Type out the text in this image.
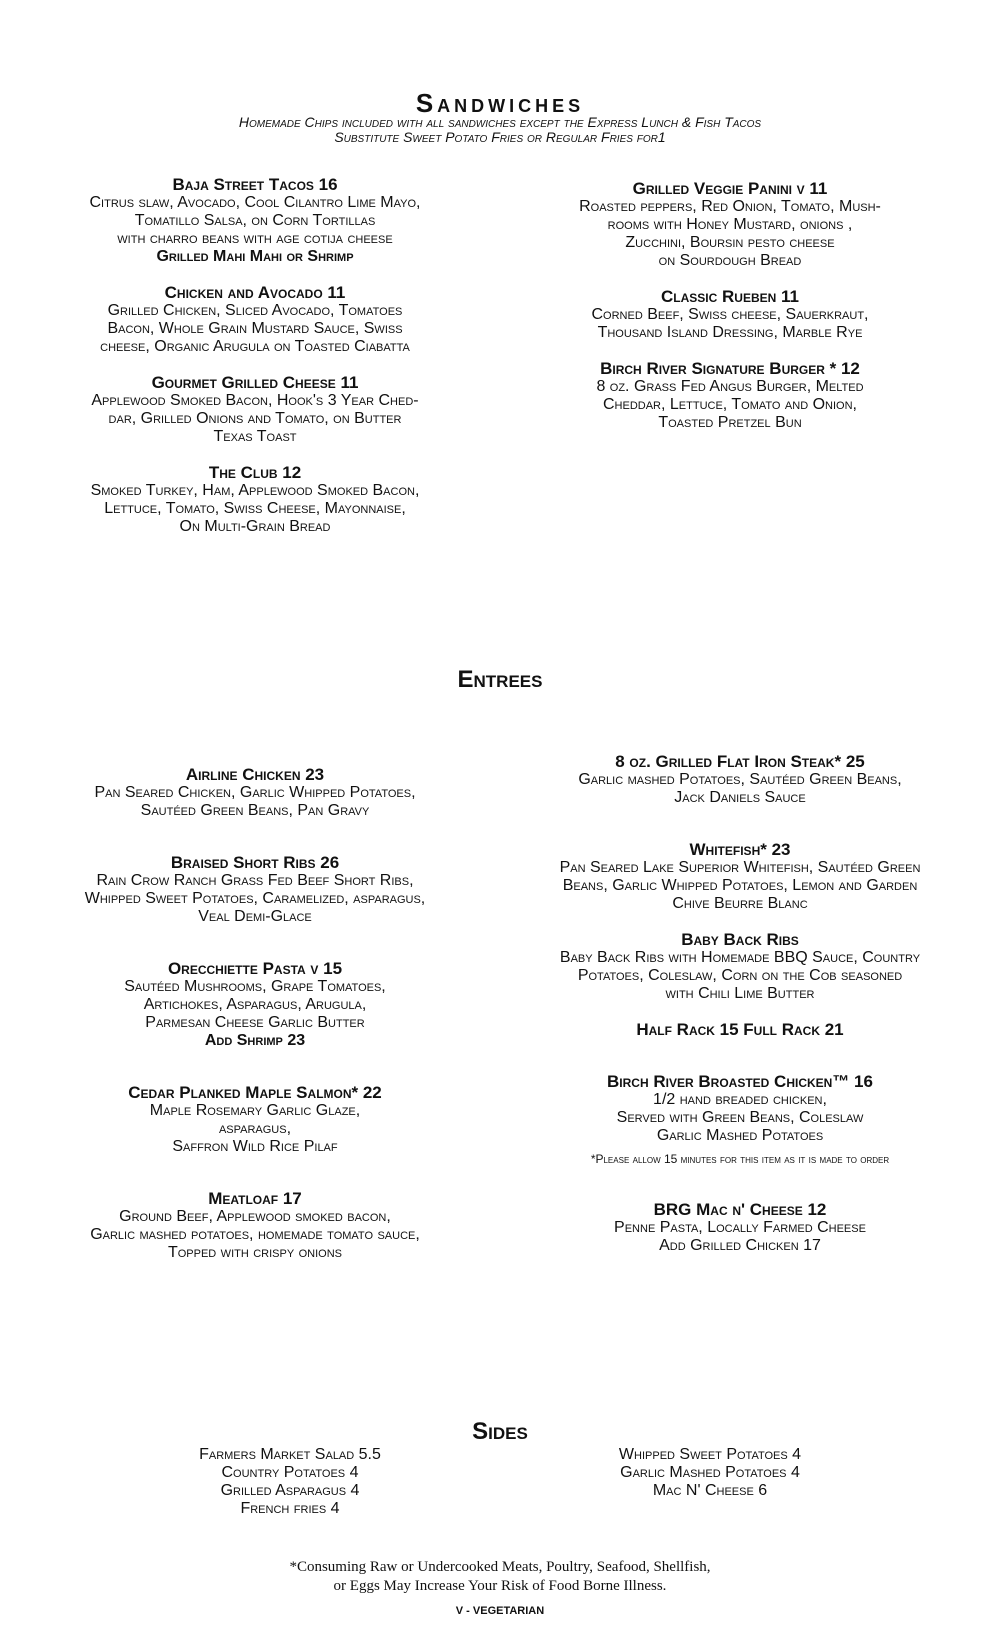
Sandwiches
Homemade Chips included with all sandwiches except the Express Lunch & Fish Tacos
Substitute Sweet Potato Fries or Regular Fries for1
Baja Street Tacos 16
Citrus slaw, Avocado, Cool Cilantro Lime Mayo,
Tomatillo Salsa, on Corn Tortillas
with charro beans with age cotija cheese
Grilled Mahi Mahi or Shrimp
Chicken and Avocado 11
Grilled Chicken, Sliced Avocado, Tomatoes
Bacon, Whole Grain Mustard Sauce, Swiss
cheese, Organic Arugula on Toasted Ciabatta
Gourmet Grilled Cheese 11
Applewood Smoked Bacon, Hook's 3 Year Ched-
dar, Grilled Onions and Tomato, on Butter
Texas Toast
The Club 12
Smoked Turkey, Ham, Applewood Smoked Bacon,
Lettuce, Tomato, Swiss Cheese, Mayonnaise,
On Multi-Grain Bread
Grilled Veggie Panini v 11
Roasted peppers, Red Onion, Tomato, Mush-
rooms with Honey Mustard, onions ,
Zucchini, Boursin pesto cheese
on Sourdough Bread
Classic Rueben 11
Corned Beef, Swiss cheese, Sauerkraut,
Thousand Island Dressing, Marble Rye
Birch River Signature Burger * 12
8 oz. Grass Fed Angus Burger, Melted
Cheddar, Lettuce, Tomato and Onion,
Toasted Pretzel Bun
Entrees
Airline Chicken 23
Pan Seared Chicken, Garlic Whipped Potatoes,
Sautéed Green Beans, Pan Gravy
Braised Short Ribs 26
Rain Crow Ranch Grass Fed Beef Short Ribs,
Whipped Sweet Potatoes, Caramelized, asparagus,
Veal Demi-Glace
Orecchiette Pasta v 15
Sautéed Mushrooms, Grape Tomatoes,
Artichokes, Asparagus, Arugula,
Parmesan Cheese Garlic Butter
Add Shrimp 23
Cedar Planked Maple Salmon* 22
Maple Rosemary Garlic Glaze,
asparagus,
Saffron Wild Rice Pilaf
Meatloaf 17
Ground Beef, Applewood smoked bacon,
Garlic mashed potatoes, homemade tomato sauce,
Topped with crispy onions
8 oz. Grilled Flat Iron Steak* 25
Garlic mashed Potatoes, Sautéed Green Beans,
Jack Daniels Sauce
Whitefish* 23
Pan Seared Lake Superior Whitefish, Sautéed Green
Beans, Garlic Whipped Potatoes, Lemon and Garden
Chive Beurre Blanc
Baby Back Ribs
Baby Back Ribs with Homemade BBQ Sauce, Country
Potatoes, Coleslaw, Corn on the Cob seasoned
with Chili Lime Butter
Half Rack 15 Full Rack 21
Birch River Broasted Chicken™ 16
1/2 hand breaded chicken,
Served with Green Beans, Coleslaw
Garlic Mashed Potatoes
*Please allow 15 minutes for this item as it is made to order
BRG Mac n' Cheese 12
Penne Pasta, Locally Farmed Cheese
Add Grilled Chicken 17
Sides
Farmers Market Salad 5.5
Country Potatoes 4
Grilled Asparagus 4
French fries 4
Whipped Sweet Potatoes 4
Garlic Mashed Potatoes 4
Mac N' Cheese 6
*Consuming Raw or Undercooked Meats, Poultry, Seafood, Shellfish,
or Eggs May Increase Your Risk of Food Borne Illness.
V - VEGETARIAN
